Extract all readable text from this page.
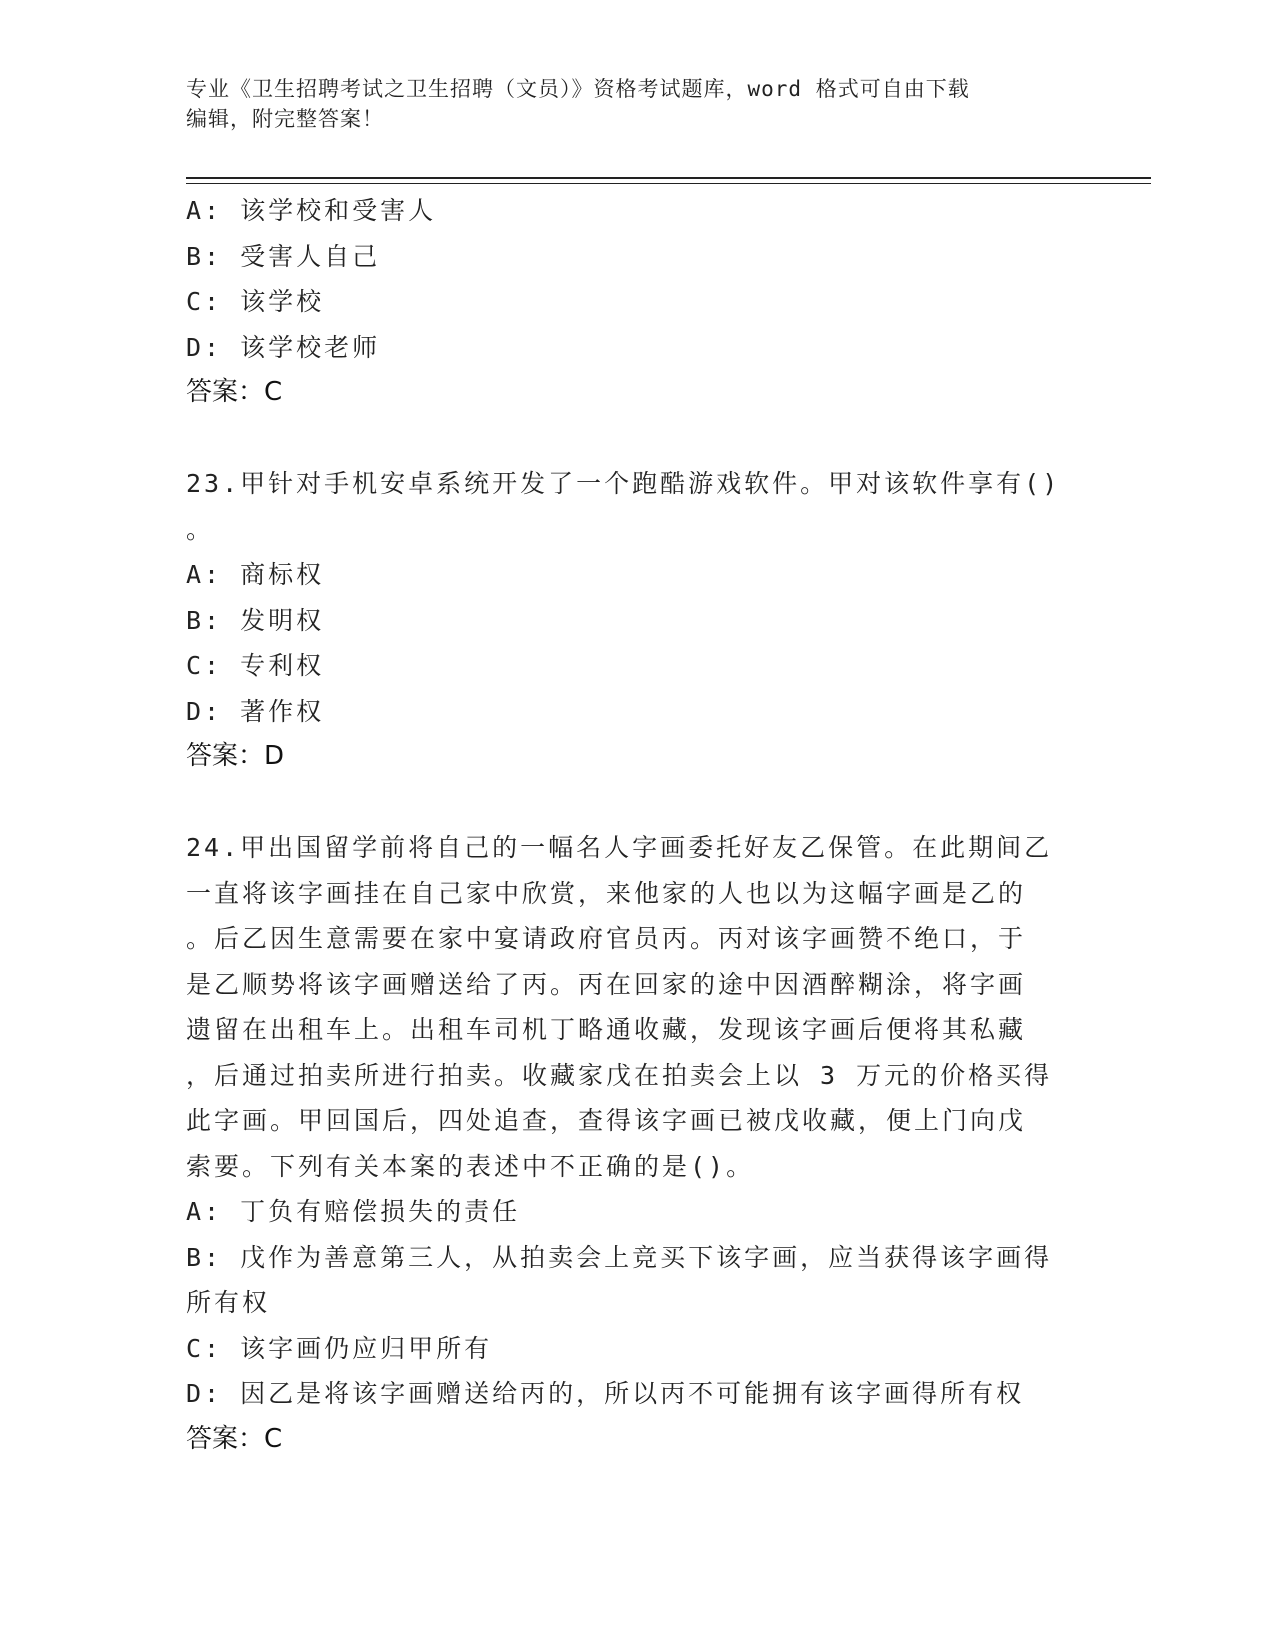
专业《卫生招聘考试之卫生招聘（文员）》资格考试题库，word 格式可自由下载
编辑，附完整答案！
A: 该学校和受害人
B: 受害人自己
C: 该学校
D: 该学校老师
答案：C
23.甲针对手机安卓系统开发了一个跑酷游戏软件。甲对该软件享有()
。
A: 商标权
B: 发明权
C: 专利权
D: 著作权
答案：D
24.甲出国留学前将自己的一幅名人字画委托好友乙保管。在此期间乙
一直将该字画挂在自己家中欣赏，来他家的人也以为这幅字画是乙的
。后乙因生意需要在家中宴请政府官员丙。丙对该字画赞不绝口，于
是乙顺势将该字画赠送给了丙。丙在回家的途中因酒醉糊涂，将字画
遗留在出租车上。出租车司机丁略通收藏，发现该字画后便将其私藏
，后通过拍卖所进行拍卖。收藏家戊在拍卖会上以 3 万元的价格买得
此字画。甲回国后，四处追查，查得该字画已被戊收藏，便上门向戊
索要。下列有关本案的表述中不正确的是()。
A: 丁负有赔偿损失的责任
B: 戊作为善意第三人，从拍卖会上竞买下该字画，应当获得该字画得
所有权
C: 该字画仍应归甲所有
D: 因乙是将该字画赠送给丙的，所以丙不可能拥有该字画得所有权
答案：C
